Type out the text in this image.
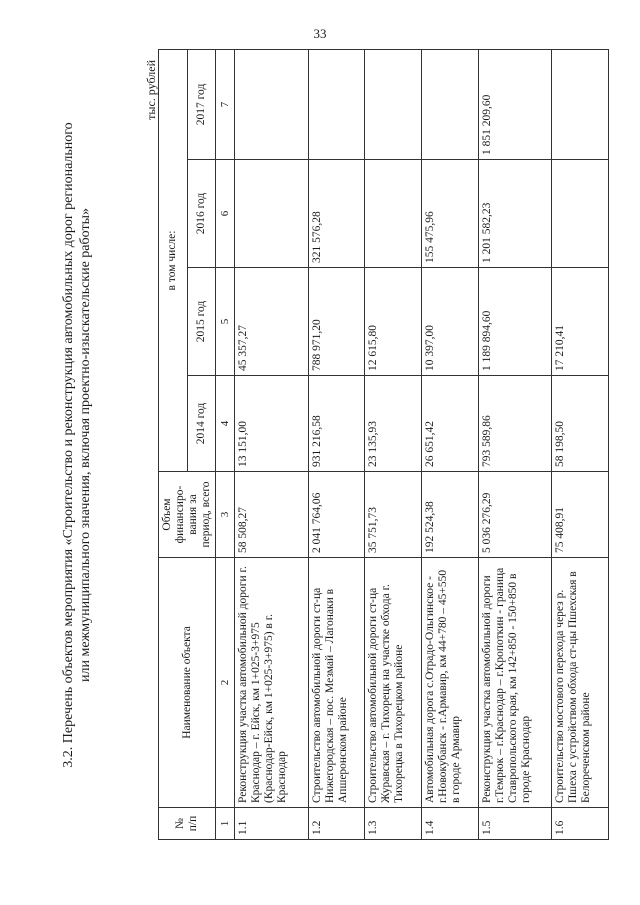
33
3.2. Перечень объектов мероприятия «Строительство и реконструкция автомобильных дорог регионального или межмуниципального значения, включая проектно-изыскательские работы»
тыс. рублей
№ п/п	Наименование объекта	Объем финансиро-вания за период, всего	в том числе:			
			2014 год	2015 год	2016 год	2017 год
1	2	3	4	5	6	7
1.1	Реконструкция участка автомобильной дороги г. Краснодар – г. Ейск, км 1+025-3+975 (Краснодар-Ейск, км 1+025-3+975) в г. Краснодар	58 508,27	13 151,00	45 357,27		
1.2	Строительство автомобильной дороги ст-ца Нижегородская – пос. Мезмай – Лагонаки в Апшеронском районе	2 041 764,06	931 216,58	788 971,20	321 576,28	
1.3	Строительство автомобильной дороги ст-ца Журавская – г. Тихорецк на участке обхода г. Тихорецка в Тихорецком районе	35 751,73	23 135,93	12 615,80		
1.4	Автомобильная дорога с.Отрадо-Ольгинское - г.Новокубанск - г.Армавир, км 44+780 – 45+550 в городе Армавир	192 524,38	26 651,42	10 397,00	155 475,96	
1.5	Реконструкция участка автомобильной дороги г.Темрюк – г.Краснодар – г.Кропоткин - граница Ставропольского края, км 142+850 - 150+850 в городе Краснодар	5 036 276,29	793 589,86	1 189 894,60	1 201 582,23	1 851 209,60
1.6	Строительство мостового перехода через р. Пшеха с устройством обхода ст-цы Пшехская в Белореченском районе	75 408,91	58 198,50	17 210,41		
